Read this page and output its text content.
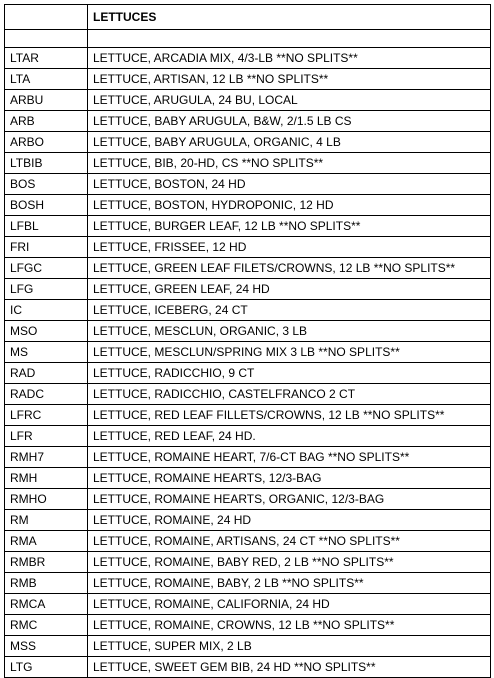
	LETTUCES

LTAR	LETTUCE, ARCADIA MIX, 4/3-LB **NO SPLITS**
LTA	LETTUCE, ARTISAN, 12 LB **NO SPLITS**
ARBU	LETTUCE, ARUGULA, 24 BU, LOCAL
ARB	LETTUCE, BABY ARUGULA, B&W, 2/1.5 LB CS
ARBO	LETTUCE, BABY ARUGULA, ORGANIC, 4 LB
LTBIB	LETTUCE, BIB, 20-HD, CS **NO SPLITS**
BOS	LETTUCE, BOSTON, 24 HD
BOSH	LETTUCE, BOSTON, HYDROPONIC, 12 HD
LFBL	LETTUCE, BURGER LEAF, 12 LB **NO SPLITS**
FRI	LETTUCE, FRISSEE, 12 HD
LFGC	LETTUCE, GREEN LEAF FILETS/CROWNS, 12 LB **NO SPLITS**
LFG	LETTUCE, GREEN LEAF, 24 HD
IC	LETTUCE, ICEBERG, 24 CT
MSO	LETTUCE, MESCLUN, ORGANIC, 3 LB
MS	LETTUCE, MESCLUN/SPRING MIX 3 LB **NO SPLITS**
RAD	LETTUCE, RADICCHIO, 9 CT
RADC	LETTUCE, RADICCHIO, CASTELFRANCO 2 CT
LFRC	LETTUCE, RED LEAF FILLETS/CROWNS, 12 LB **NO SPLITS**
LFR	LETTUCE, RED LEAF, 24 HD.
RMH7	LETTUCE, ROMAINE HEART, 7/6-CT BAG **NO SPLITS**
RMH	LETTUCE, ROMAINE HEARTS, 12/3-BAG
RMHO	LETTUCE, ROMAINE HEARTS, ORGANIC, 12/3-BAG
RM	LETTUCE, ROMAINE, 24 HD
RMA	LETTUCE, ROMAINE, ARTISANS, 24 CT **NO SPLITS**
RMBR	LETTUCE, ROMAINE, BABY RED, 2 LB **NO SPLITS**
RMB	LETTUCE, ROMAINE, BABY, 2 LB **NO SPLITS**
RMCA	LETTUCE, ROMAINE, CALIFORNIA, 24 HD
RMC	LETTUCE, ROMAINE, CROWNS, 12 LB **NO SPLITS**
MSS	LETTUCE, SUPER MIX, 2 LB
LTG	LETTUCE, SWEET GEM BIB, 24 HD **NO SPLITS**
